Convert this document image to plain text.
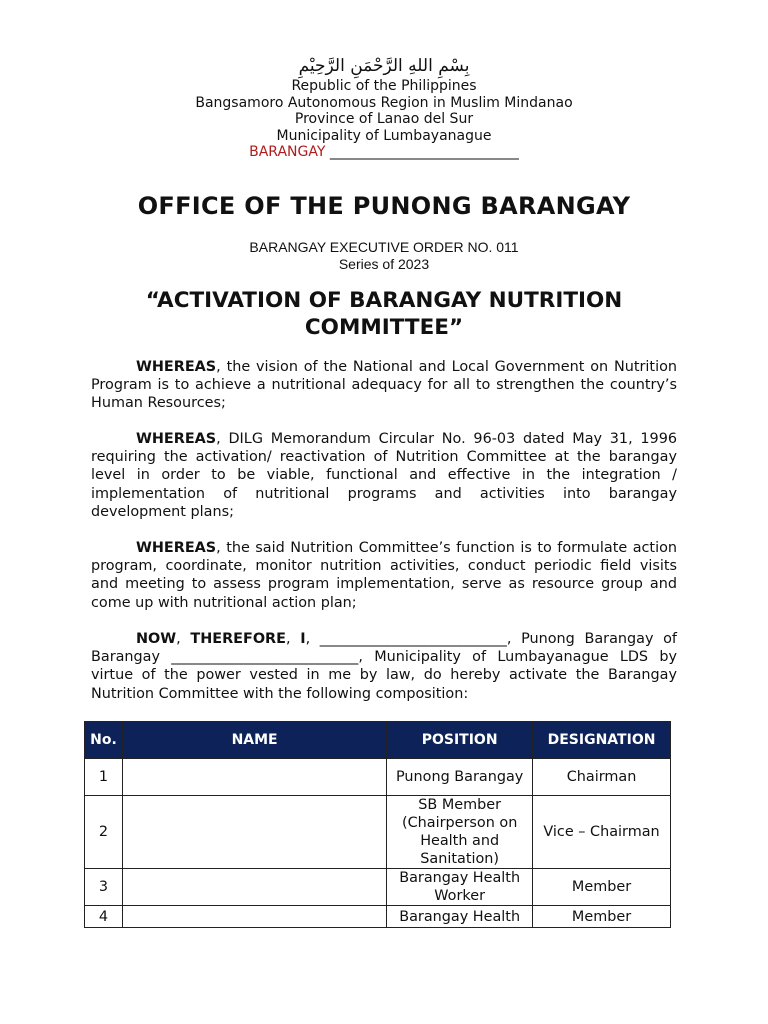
بِسْمِ اللهِ الرَّحْمَنِ الرَّحِيْمِ
Republic of the Philippines
Bangsamoro Autonomous Region in Muslim Mindanao
Province of Lanao del Sur
Municipality of Lumbayanague
BARANGAY ___________________________
OFFICE OF THE PUNONG BARANGAY
BARANGAY EXECUTIVE ORDER NO. 011
Series of 2023
“ACTIVATION OF BARANGAY NUTRITION COMMITTEE”

WHEREAS, the vision of the National and Local Government on Nutrition Program is to achieve a nutritional adequacy for all to strengthen the country’s Human Resources;

WHEREAS, DILG Memorandum Circular No. 96-03 dated May 31, 1996 requiring the activation/ reactivation of Nutrition Committee at the barangay level in order to be viable, functional and effective in the integration / implementation of nutritional programs and activities into barangay development plans;

WHEREAS, the said Nutrition Committee’s function is to formulate action program, coordinate, monitor nutrition activities, conduct periodic field visits and meeting to assess program implementation, serve as resource group and come up with nutritional action plan;

NOW, THEREFORE, I, __________________________, Punong Barangay of Barangay __________________________, Municipality of Lumbayanague LDS by virtue of the power vested in me by law, do hereby activate the Barangay Nutrition Committee with the following composition:

No.	NAME	POSITION	DESIGNATION
1		Punong Barangay	Chairman
2		SB Member (Chairperson on Health and Sanitation)	Vice – Chairman
3		Barangay Health Worker	Member
4		Barangay Health	Member
